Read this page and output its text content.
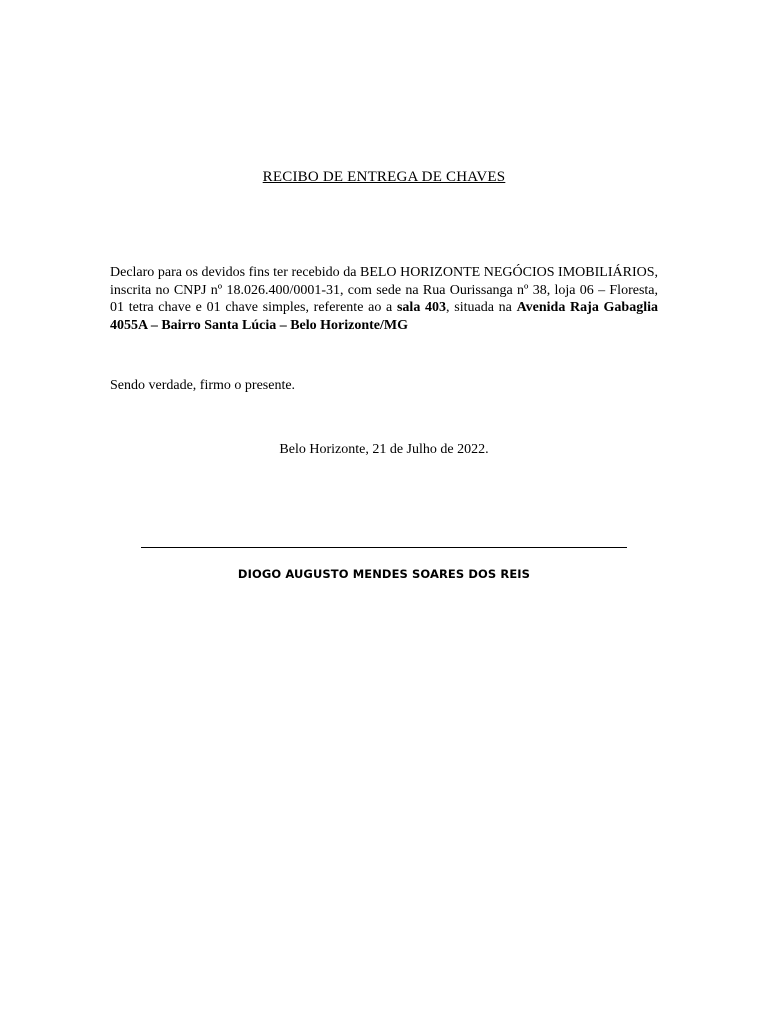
RECIBO DE ENTREGA DE CHAVES
Declaro para os devidos fins ter recebido da BELO HORIZONTE NEGÓCIOS IMOBILIÁRIOS, inscrita no CNPJ nº 18.026.400/0001-31, com sede na Rua Ourissanga nº 38, loja 06 – Floresta, 01 tetra chave e 01 chave simples, referente ao a sala 403, situada na Avenida Raja Gabaglia 4055A – Bairro Santa Lúcia – Belo Horizonte/MG
Sendo verdade, firmo o presente.
Belo Horizonte, 21 de Julho de 2022.
DIOGO AUGUSTO MENDES SOARES DOS REIS
